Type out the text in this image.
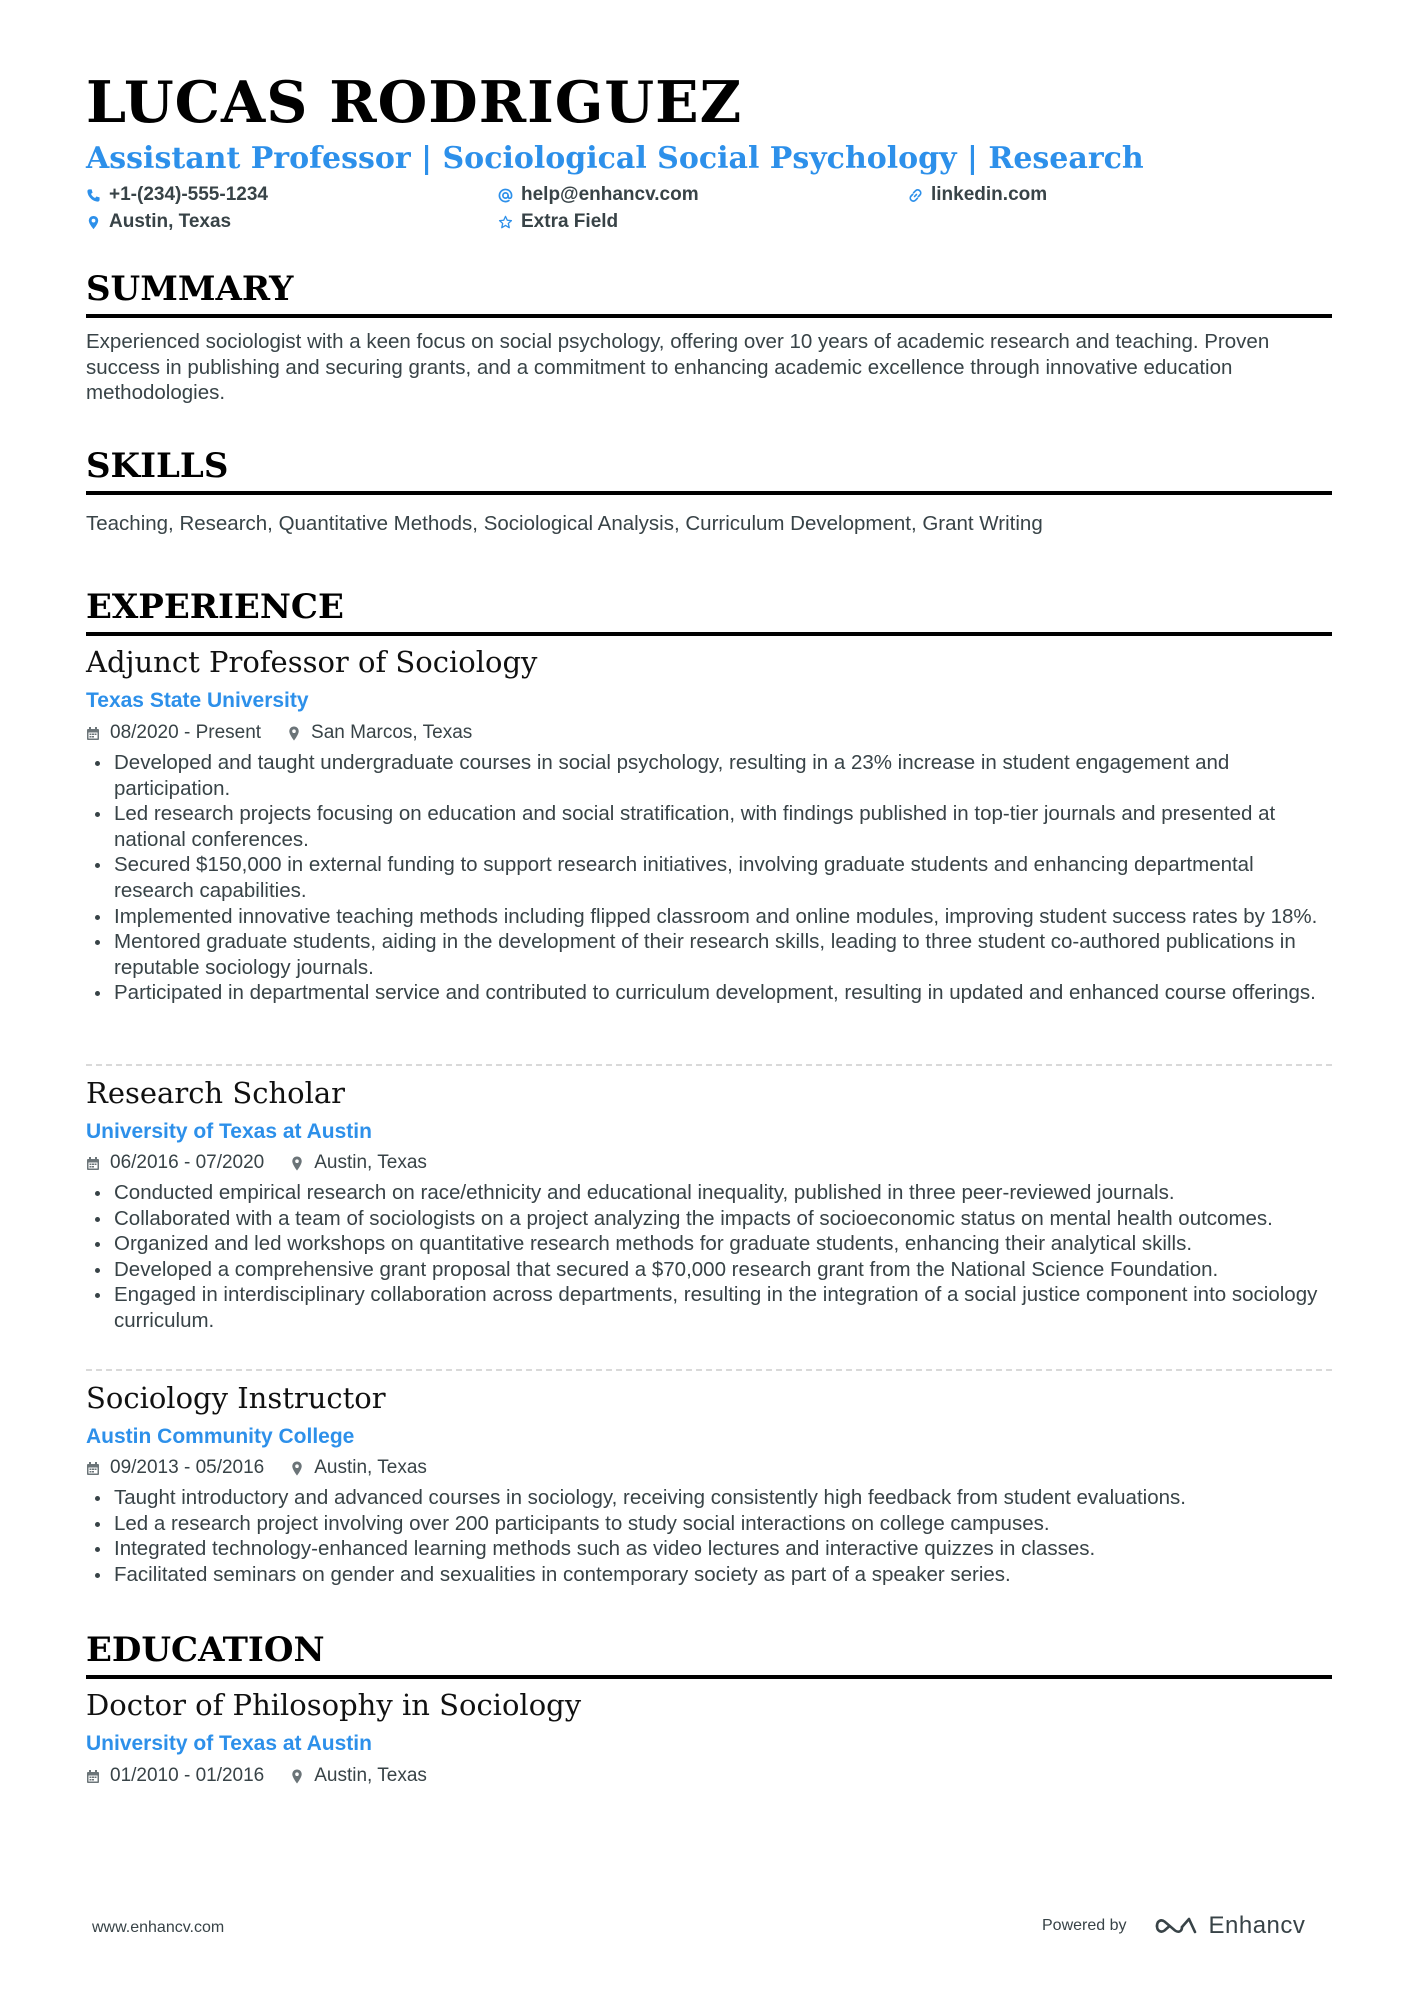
LUCAS RODRIGUEZ
Assistant Professor | Sociological Social Psychology | Research
+1-(234)-555-1234	help@enhancv.com	linkedin.com
Austin, Texas	Extra Field
SUMMARY
Experienced sociologist with a keen focus on social psychology, offering over 10 years of academic research and teaching. Proven success in publishing and securing grants, and a commitment to enhancing academic excellence through innovative education methodologies.
SKILLS
Teaching, Research, Quantitative Methods, Sociological Analysis, Curriculum Development, Grant Writing
EXPERIENCE
Adjunct Professor of Sociology
Texas State University
08/2020 - Present	San Marcos, Texas
Developed and taught undergraduate courses in social psychology, resulting in a 23% increase in student engagement and participation.
Led research projects focusing on education and social stratification, with findings published in top-tier journals and presented at national conferences.
Secured $150,000 in external funding to support research initiatives, involving graduate students and enhancing departmental research capabilities.
Implemented innovative teaching methods including flipped classroom and online modules, improving student success rates by 18%.
Mentored graduate students, aiding in the development of their research skills, leading to three student co-authored publications in reputable sociology journals.
Participated in departmental service and contributed to curriculum development, resulting in updated and enhanced course offerings.
Research Scholar
University of Texas at Austin
06/2016 - 07/2020	Austin, Texas
Conducted empirical research on race/ethnicity and educational inequality, published in three peer-reviewed journals.
Collaborated with a team of sociologists on a project analyzing the impacts of socioeconomic status on mental health outcomes.
Organized and led workshops on quantitative research methods for graduate students, enhancing their analytical skills.
Developed a comprehensive grant proposal that secured a $70,000 research grant from the National Science Foundation.
Engaged in interdisciplinary collaboration across departments, resulting in the integration of a social justice component into sociology curriculum.
Sociology Instructor
Austin Community College
09/2013 - 05/2016	Austin, Texas
Taught introductory and advanced courses in sociology, receiving consistently high feedback from student evaluations.
Led a research project involving over 200 participants to study social interactions on college campuses.
Integrated technology-enhanced learning methods such as video lectures and interactive quizzes in classes.
Facilitated seminars on gender and sexualities in contemporary society as part of a speaker series.
EDUCATION
Doctor of Philosophy in Sociology
University of Texas at Austin
01/2010 - 01/2016	Austin, Texas
www.enhancv.com	Powered by	Enhancv
